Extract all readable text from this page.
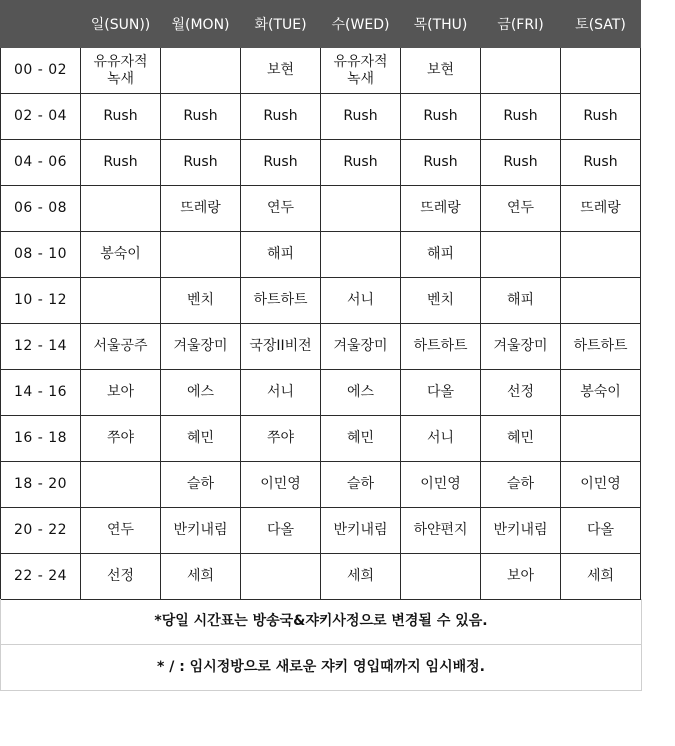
	일(SUN))	월(MON)	화(TUE)	수(WED)	목(THU)	금(FRI)	토(SAT)
00 - 02	유유자적 녹새		보현	유유자적 녹새	보현		
02 - 04	Rush	Rush	Rush	Rush	Rush	Rush	Rush
04 - 06	Rush	Rush	Rush	Rush	Rush	Rush	Rush
06 - 08		뜨레랑	연두		뜨레랑	연두	뜨레랑
08 - 10	봉숙이		해피		해피		
10 - 12		벤치	하트하트	서니	벤치	해피	
12 - 14	서울공주	겨울장미	국장II비전	겨울장미	하트하트	겨울장미	하트하트
14 - 16	보아	에스	서니	에스	다올	선정	봉숙이
16 - 18	쭈야	혜민	쭈야	혜민	서니	혜민	
18 - 20		슬하	이민영	슬하	이민영	슬하	이민영
20 - 22	연두	반키내림	다올	반키내림	하얀편지	반키내림	다올
22 - 24	선정	세희		세희		보아	세희
*당일 시간표는 방송국&쟈키사정으로 변경될 수 있음.
* / : 임시정방으로 새로운 쟈키 영입때까지 임시배정.
